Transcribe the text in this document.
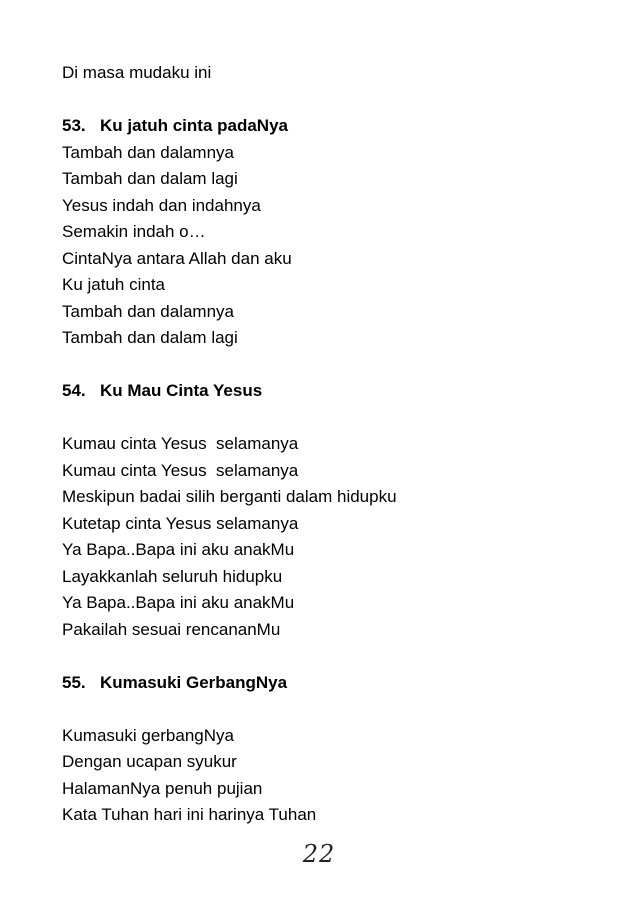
Di masa mudaku ini

53. Ku jatuh cinta padaNya

Tambah dan dalamnya

Tambah dan dalam lagi

Yesus indah dan indahnya

Semakin indah o…

CintaNya antara Allah dan aku

Ku jatuh cinta

Tambah dan dalamnya

Tambah dan dalam lagi

54. Ku Mau Cinta Yesus

Kumau cinta Yesus  selamanya

Kumau cinta Yesus  selamanya

Meskipun badai silih berganti dalam hidupku

Kutetap cinta Yesus selamanya

Ya Bapa..Bapa ini aku anakMu

Layakkanlah seluruh hidupku

Ya Bapa..Bapa ini aku anakMu

Pakailah sesuai rencananMu

55. Kumasuki GerbangNya

Kumasuki gerbangNya

Dengan ucapan syukur

HalamanNya penuh pujian

Kata Tuhan hari ini harinya Tuhan

22
